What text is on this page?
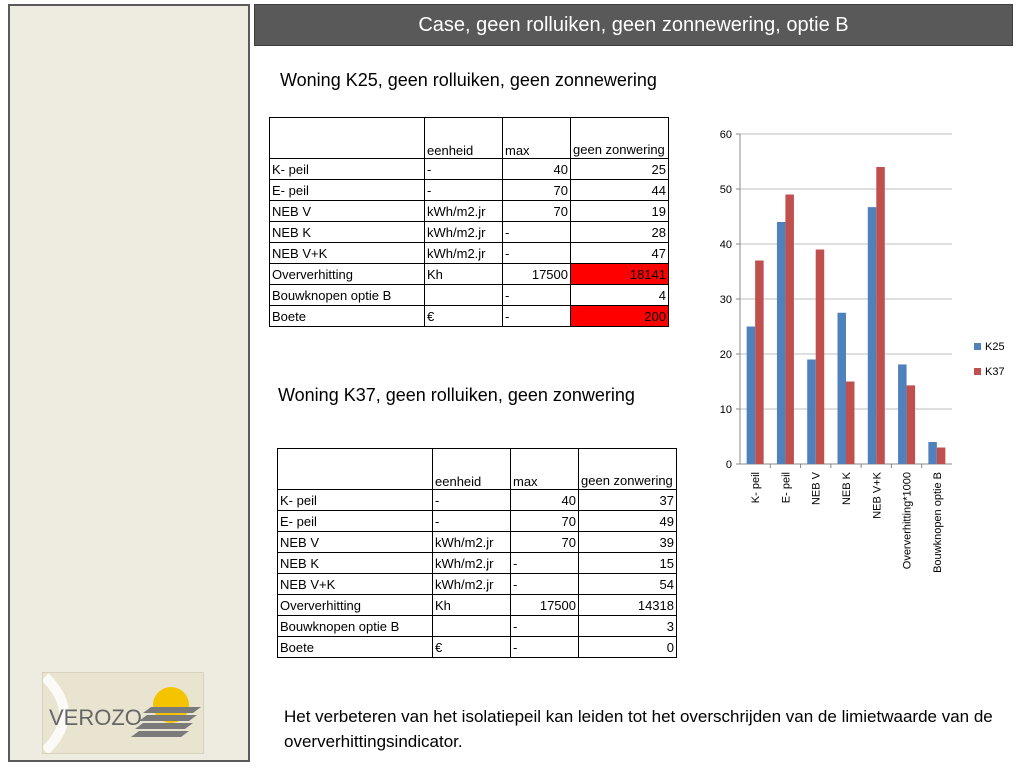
VEROZO
Case, geen rolluiken, geen zonnewering, optie B
Woning K25, geen rolluiken, geen zonnewering
	eenheid	max	geen zonwering
K- peil	-	40	25
E- peil	-	70	44
NEB V	kWh/m2.jr	70	19
NEB K	kWh/m2.jr	-	28
NEB V+K	kWh/m2.jr	-	47
Oververhitting	Kh	17500	18141
Bouwknopen optie B		-	4
Boete	€	-	200
Woning K37, geen rolluiken, geen zonwering
	eenheid	max	geen zonwering
K- peil	-	40	37
E- peil	-	70	49
NEB V	kWh/m2.jr	70	39
NEB K	kWh/m2.jr	-	15
NEB V+K	kWh/m2.jr	-	54
Oververhitting	Kh	17500	14318
Bouwknopen optie B		-	3
Boete	€	-	0
0
10
20
30
40
50
60
K- peil E- peil NEB V NEB K NEB V+K Oververhitting*1000 Bouwknopen optie B
K25
K37
Het verbeteren van het isolatiepeil kan leiden tot het overschrijden van de limietwaarde van de oververhittingsindicator.
